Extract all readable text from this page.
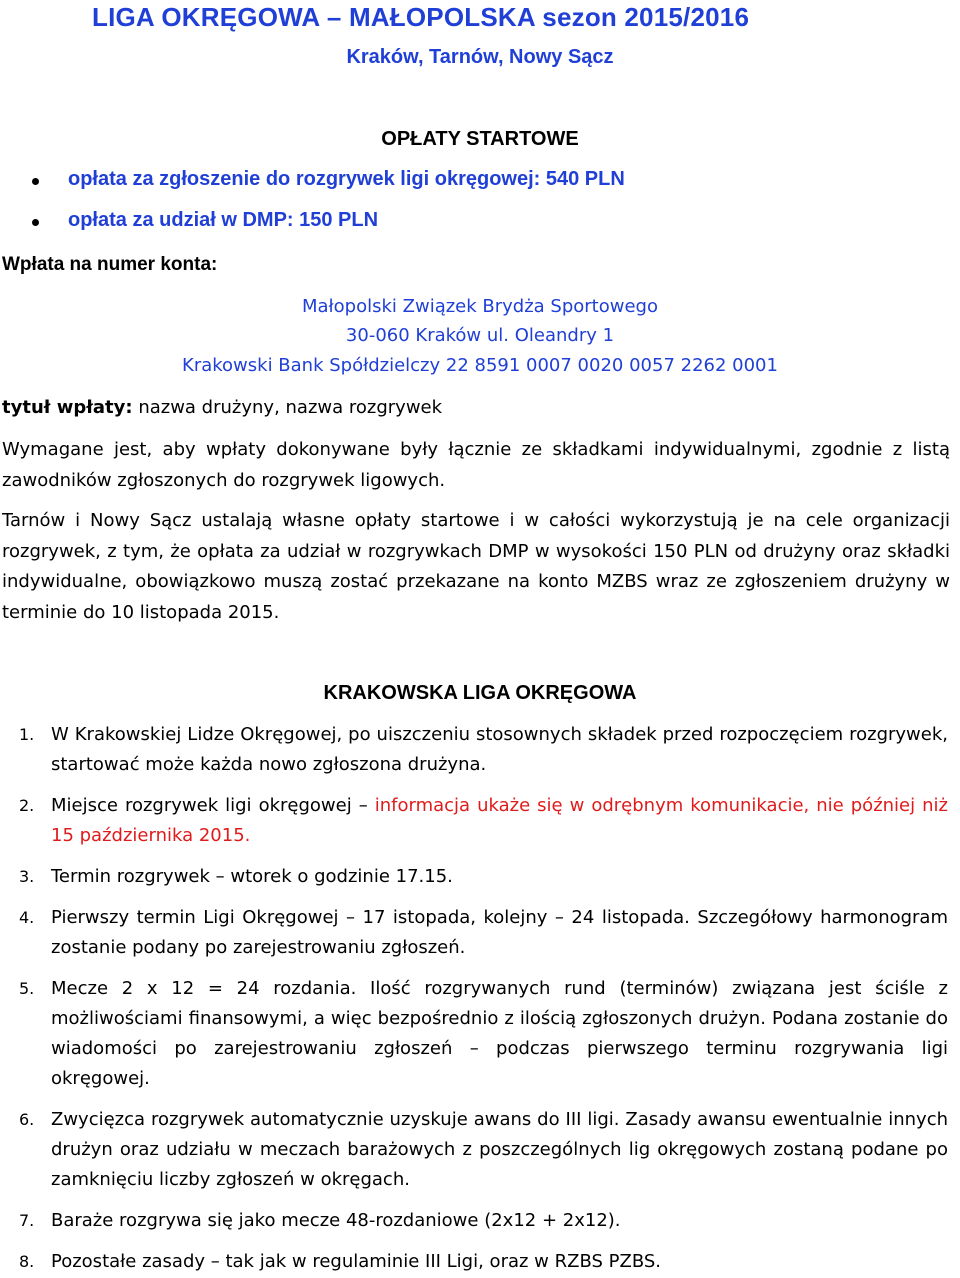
LIGA OKRĘGOWA – MAŁOPOLSKA sezon 2015/2016
Kraków, Tarnów, Nowy Sącz
OPŁATY STARTOWE
opłata za zgłoszenie do rozgrywek ligi okręgowej: 540 PLN
opłata za udział w DMP: 150 PLN
Wpłata na numer konta:
Małopolski Związek Brydża Sportowego
30-060 Kraków ul. Oleandry 1
Krakowski Bank Spółdzielczy 22 8591 0007 0020 0057 2262 0001
tytuł wpłaty: nazwa drużyny, nazwa rozgrywek

Wymagane jest, aby wpłaty dokonywane były łącznie ze składkami indywidualnymi, zgodnie z listą zawodników zgłoszonych do rozgrywek ligowych.

Tarnów i Nowy Sącz ustalają własne opłaty startowe i w całości wykorzystują je na cele organizacji rozgrywek, z tym, że opłata za udział w rozgrywkach DMP w wysokości 150 PLN od drużyny oraz składki indywidualne, obowiązkowo muszą zostać przekazane na konto MZBS wraz ze zgłoszeniem drużyny w terminie do 10 listopada 2015.

KRAKOWSKA LIGA OKRĘGOWA
1. W Krakowskiej Lidze Okręgowej, po uiszczeniu stosownych składek przed rozpoczęciem rozgrywek, startować może każda nowo zgłoszona drużyna.
2. Miejsce rozgrywek ligi okręgowej – informacja ukaże się w odrębnym komunikacie, nie później niż 15 października 2015.
3. Termin rozgrywek – wtorek o godzinie 17.15.
4. Pierwszy termin Ligi Okręgowej – 17 istopada, kolejny – 24 listopada. Szczegółowy harmonogram zostanie podany po zarejestrowaniu zgłoszeń.
5. Mecze 2 x 12 = 24 rozdania. Ilość rozgrywanych rund (terminów) związana jest ściśle z możliwościami finansowymi, a więc bezpośrednio z ilością zgłoszonych drużyn. Podana zostanie do wiadomości po zarejestrowaniu zgłoszeń – podczas pierwszego terminu rozgrywania ligi okręgowej.
6. Zwycięzca rozgrywek automatycznie uzyskuje awans do III ligi. Zasady awansu ewentualnie innych drużyn oraz udziału w meczach barażowych z poszczególnych lig okręgowych zostaną podane po zamknięciu liczby zgłoszeń w okręgach.
7. Baraże rozgrywa się jako mecze 48-rozdaniowe (2x12 + 2x12).
8. Pozostałe zasady – tak jak w regulaminie III Ligi, oraz w RZBS PZBS.
